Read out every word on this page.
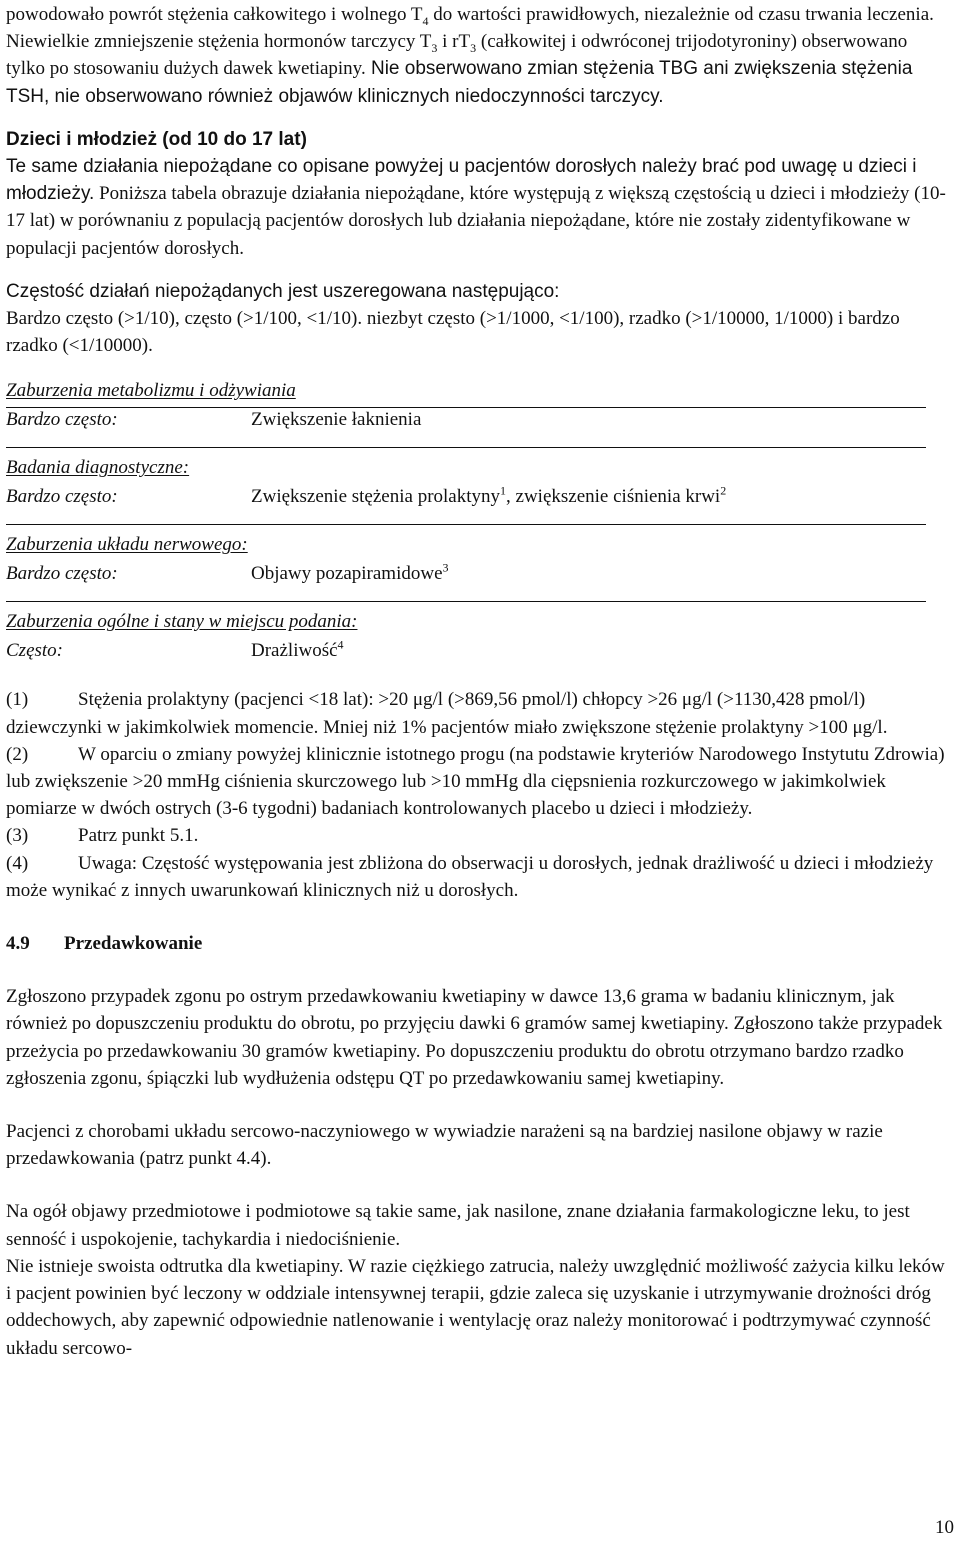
powodowało powrót stężenia całkowitego i wolnego $T_4$ do wartości prawidłowych, niezależnie od czasu trwania leczenia. Niewielkie zmniejszenie stężenia hormonów tarczycy $T_3$ i $rT_3$ (całkowitej i odwróconej trijodotyroniny) obserwowano tylko po stosowaniu dużych dawek kwetiapiny. Nie obserwowano zmian stężenia TBG ani zwiększenia stężenia TSH, nie obserwowano również objawów klinicznych niedoczynności tarczycy.

Dzieci i młodzież (od 10 do 17 lat)

Te same działania niepożądane co opisane powyżej u pacjentów dorosłych należy brać pod uwagę u dzieci i młodzieży. Poniższa tabela obrazuje działania niepożądane, które występują z większą częstością u dzieci i młodzieży (10-17 lat) w porównaniu z populacją pacjentów dorosłych lub działania niepożądane, które nie zostały zidentyfikowane w populacji pacjentów dorosłych.

Częstość działań niepożądanych jest uszeregowana następująco:

Bardzo często (>1/10), często (>1/100, <1/10). niezbyt często (>1/1000, <1/100), rzadko (>1/10000, 1/1000) i bardzo rzadko (<1/10000).

Zaburzenia metabolizmu i odżywiania
Bardzo często:	Zwiększenie łaknienia
Badania diagnostyczne:
Bardzo często:	Zwiększenie stężenia prolaktyny$^1$, zwiększenie ciśnienia krwi$^2$
Zaburzenia układu nerwowego:
Bardzo często:	Objawy pozapiramidowe$^3$
Zaburzenia ogólne i stany w miejscu podania:
Często:	Drażliwość$^4$

(1)	Stężenia prolaktyny (pacjenci <18 lat): >20 μg/l (>869,56 pmol/l) chłopcy >26 μg/l (>1130,428 pmol/l) dziewczynki w jakimkolwiek momencie. Mniej niż 1% pacjentów miało zwiększone stężenie prolaktyny >100 μg/l.

(2)	W oparciu o zmiany powyżej klinicznie istotnego progu (na podstawie kryteriów Narodowego Instytutu Zdrowia) lub zwiększenie >20 mmHg ciśnienia skurczowego lub >10 mmHg dla ciępsnienia rozkurczowego w jakimkolwiek pomiarze w dwóch ostrych (3-6 tygodni) badaniach kontrolowanych placebo u dzieci i młodzieży.

(3)	Patrz punkt 5.1.

(4)	Uwaga: Częstość występowania jest zbliżona do obserwacji u dorosłych, jednak drażliwość u dzieci i młodzieży może wynikać z innych uwarunkowań klinicznych niż u dorosłych.

4.9 Przedawkowanie

Zgłoszono przypadek zgonu po ostrym przedawkowaniu kwetiapiny w dawce 13,6 grama w badaniu klinicznym, jak również po dopuszczeniu produktu do obrotu, po przyjęciu dawki 6 gramów samej kwetiapiny. Zgłoszono także przypadek przeżycia po przedawkowaniu 30 gramów kwetiapiny. Po dopuszczeniu produktu do obrotu otrzymano bardzo rzadko zgłoszenia zgonu, śpiączki lub wydłużenia odstępu QT po przedawkowaniu samej kwetiapiny.

Pacjenci z chorobami układu sercowo-naczyniowego w wywiadzie narażeni są na bardziej nasilone objawy w razie przedawkowania (patrz punkt 4.4).

Na ogół objawy przedmiotowe i podmiotowe są takie same, jak nasilone, znane działania farmakologiczne leku, to jest senność i uspokojenie, tachykardia i niedociśnienie.

Nie istnieje swoista odtrutka dla kwetiapiny. W razie ciężkiego zatrucia, należy uwzględnić możliwość zażycia kilku leków i pacjent powinien być leczony w oddziale intensywnej terapii, gdzie zaleca się uzyskanie i utrzymywanie drożności dróg oddechowych, aby zapewnić odpowiednie natlenowanie i wentylację oraz należy monitorować i podtrzymywać czynność układu sercowo-

10
